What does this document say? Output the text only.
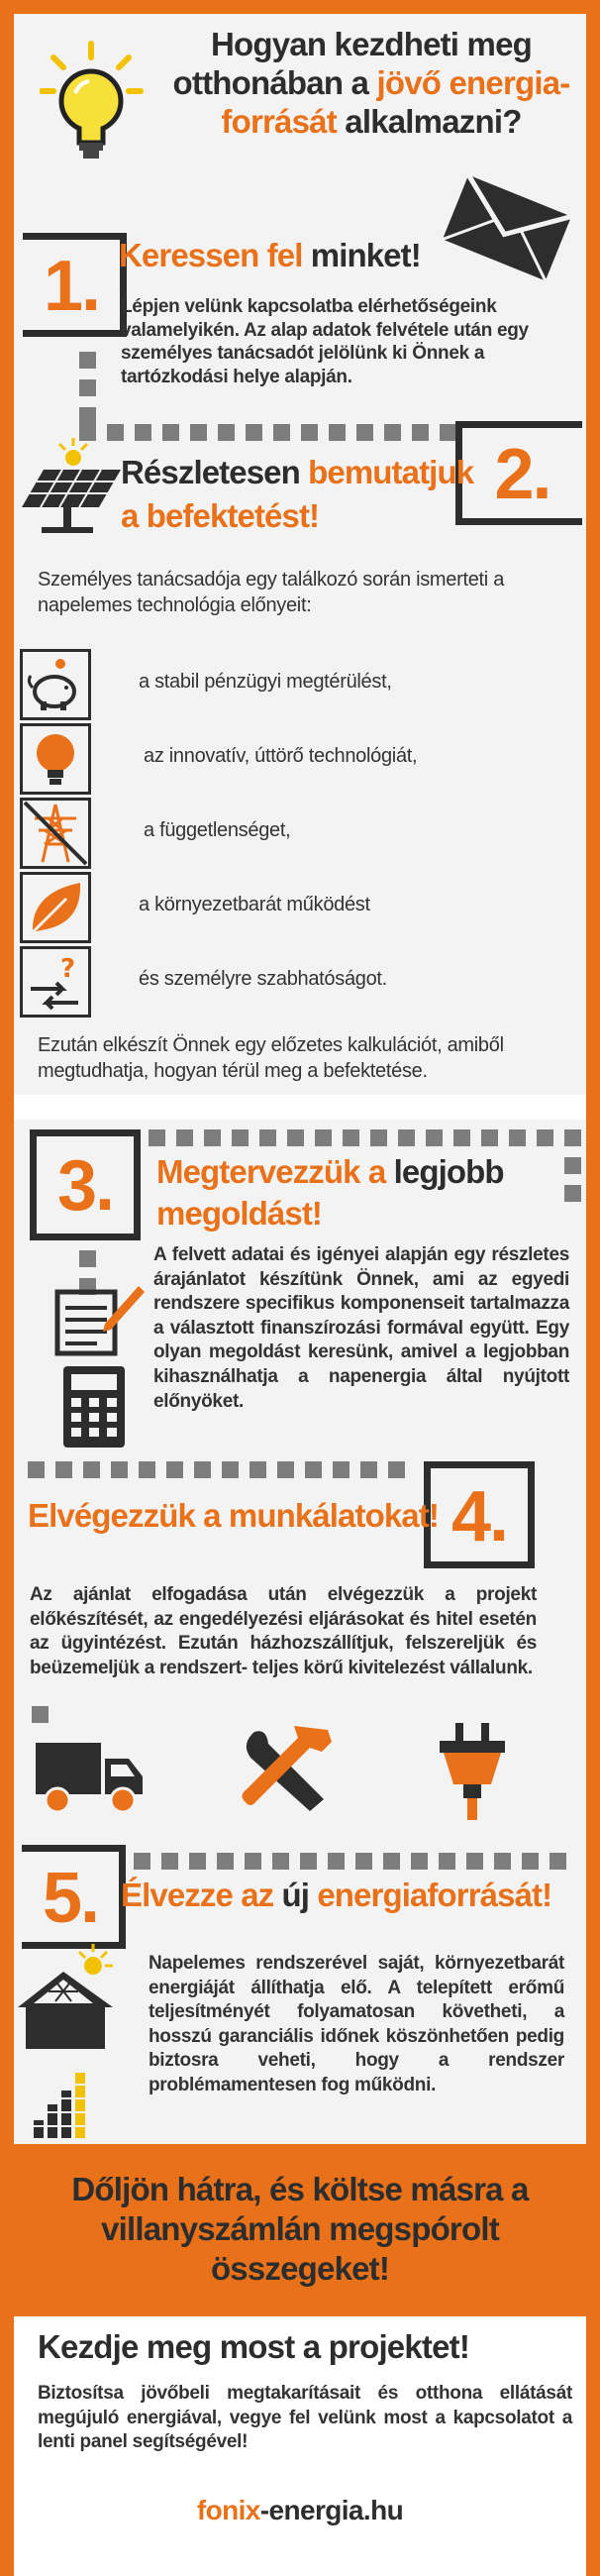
Hogyan kezdheti meg
otthonában a jövő energia-
forrását alkalmazni?
1. Keressen fel minket!
Lépjen velünk kapcsolatba elérhetőségeink valamelyikén. Az alap adatok felvétele után egy személyes tanácsadót jelölünk ki Önnek a tartózkodási helye alapján.
2.
Részletesen bemutatjuk
a befektetést!
Személyes tanácsadója egy találkozó során ismerteti a napelemes technológia előnyeit:
a stabil pénzügyi megtérülést,
az innovatív, úttörő technológiát,
a függetlenséget,
a környezetbarát működést
?	és személyre szabhatóságot.
Ezután elkészít Önnek egy előzetes kalkulációt, amiből megtudhatja, hogyan térül meg a befektetése.
3.	Megtervezzük a legjobb
megoldást!
A felvett adatai és igényei alapján egy részletes árajánlatot készítünk Önnek, ami az egyedi rendszere specifikus komponenseit tartalmazza a választott finanszírozási formával együtt. Egy olyan megoldást keresünk, amivel a legjobban kihasználhatja a napenergia által nyújtott előnyöket.
4.
Elvégezzük a munkálatokat!
Az ajánlat elfogadása után elvégezzük a projekt előkészítését, az engedélyezési eljárásokat és hitel esetén az ügyintézést. Ezután házhozszállítjuk, felszereljük és beüzemeljük a rendszert- teljes körű kivitelezést vállalunk.
5. Élvezze az új energiaforrását!
Napelemes rendszerével saját, környezetbarát energiáját állíthatja elő. A telepített erőmű teljesítményét folyamatosan követheti, a hosszú garanciális időnek köszönhetően pedig biztosra veheti, hogy a rendszer problémamentesen fog működni.
Dőljön hátra, és költse másra a
villanyszámlán megspórolt
összegeket!
Kezdje meg most a projektet!
Biztosítsa jövőbeli megtakarításait és otthona ellátását megújuló energiával, vegye fel velünk most a kapcsolatot a lenti panel segítségével!
fonix-energia.hu
